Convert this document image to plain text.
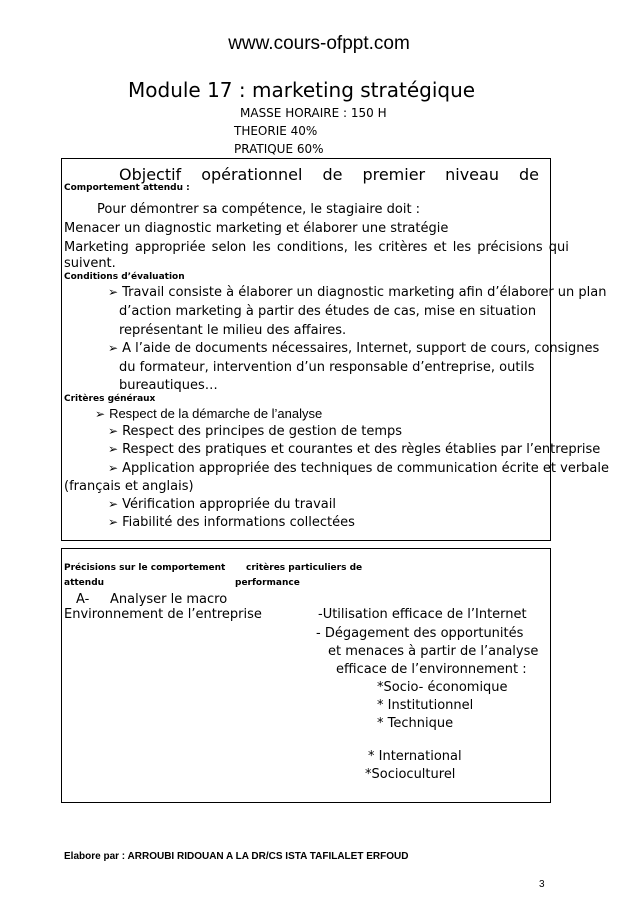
www.cours-ofppt.com
Module 17 : marketing stratégique
MASSE HORAIRE : 150 H
THEORIE 40%
PRATIQUE 60%
Objectif opérationnel de premier niveau de
Comportement attendu :
Pour démontrer sa compétence, le stagiaire doit :
Menacer un diagnostic marketing et élaborer une stratégie
Marketing appropriée selon les conditions, les critères et les précisions qui
suivent.
Conditions d’évaluation
➢ Travail consiste à élaborer un diagnostic marketing afin d’élaborer un plan
d’action marketing à partir des études de cas, mise en situation
représentant le milieu des affaires.
➢ A l’aide de documents nécessaires, Internet, support de cours, consignes
du formateur, intervention d’un responsable d’entreprise, outils
bureautiques…
Critères généraux
➢ Respect de la démarche de l’analyse
➢ Respect des principes de gestion de temps
➢ Respect des pratiques et courantes et des règles établies par l’entreprise
➢ Application appropriée des techniques de communication écrite et verbale
(français et anglais)
➢ Vérification appropriée du travail
➢ Fiabilité des informations collectées
Précisions sur le comportement
attendu
critères particuliers de
performance
A- Analyser le macro
Environnement de l’entreprise	-Utilisation efficace de l’Internet
- Dégagement des opportunités
et menaces à partir de l’analyse
efficace de l’environnement :
*Socio- économique
* Institutionnel
* Technique
* International
*Socioculturel
Elabore par : ARROUBI RIDOUAN A LA DR/CS ISTA TAFILALET ERFOUD
3
